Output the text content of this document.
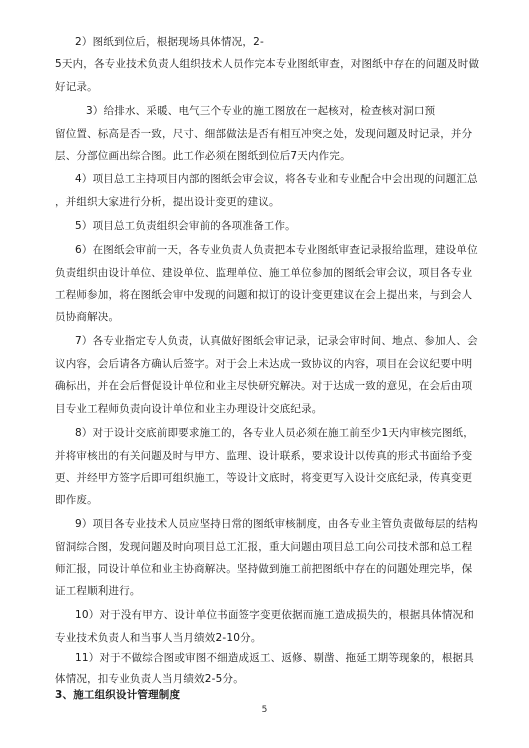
2）图纸到位后，根据现场具体情况，2-
5天内，各专业技术负责人组织技术人员作完本专业图纸审查，对图纸中存在的问题及时做
好记录。
3）给排水、采暖、电气三个专业的施工图放在一起核对，检查核对洞口预
留位置、标高是否一致，尺寸、细部做法是否有相互冲突之处，发现问题及时记录，并分
层、分部位画出综合图。此工作必须在图纸到位后7天内作完。
4）项目总工主持项目内部的图纸会审会议，将各专业和专业配合中会出现的问题汇总
，并组织大家进行分析，提出设计变更的建议。
5）项目总工负责组织会审前的各项准备工作。
6）在图纸会审前一天，各专业负责人负责把本专业图纸审查记录报给监理，建设单位
负责组织由设计单位、建设单位、监理单位、施工单位参加的图纸会审会议，项目各专业
工程师参加，将在图纸会审中发现的问题和拟订的设计变更建议在会上提出来，与到会人
员协商解决。
7）各专业指定专人负责，认真做好图纸会审记录，记录会审时间、地点、参加人、会
议内容，会后请各方确认后签字。对于会上未达成一致协议的内容，项目在会议纪要中明
确标出，并在会后督促设计单位和业主尽快研究解决。对于达成一致的意见，在会后由项
目专业工程师负责向设计单位和业主办理设计交底纪录。
8）对于设计交底前即要求施工的，各专业人员必须在施工前至少1天内审核完图纸，
并将审核出的有关问题及时与甲方、监理、设计联系，要求设计以传真的形式书面给予变
更、并经甲方签字后即可组织施工，等设计文底时，将变更写入设计交底纪录，传真变更
即作废。
9）项目各专业技术人员应坚持日常的图纸审核制度，由各专业主管负责做每层的结构
留洞综合图，发现问题及时向项目总工汇报，重大问题由项目总工向公司技术部和总工程
师汇报，同设计单位和业主协商解决。坚持做到施工前把图纸中存在的问题处理完毕，保
证工程顺利进行。
10）对于没有甲方、设计单位书面签字变更依据而施工造成损失的，根据具体情况和
专业技术负责人和当事人当月绩效2-10分。
11）对于不做综合图或审图不细造成返工、返修、剔凿、拖延工期等现象的，根据具
体情况，扣专业负责人当月绩效2-5分。
3、施工组织设计管理制度
5
